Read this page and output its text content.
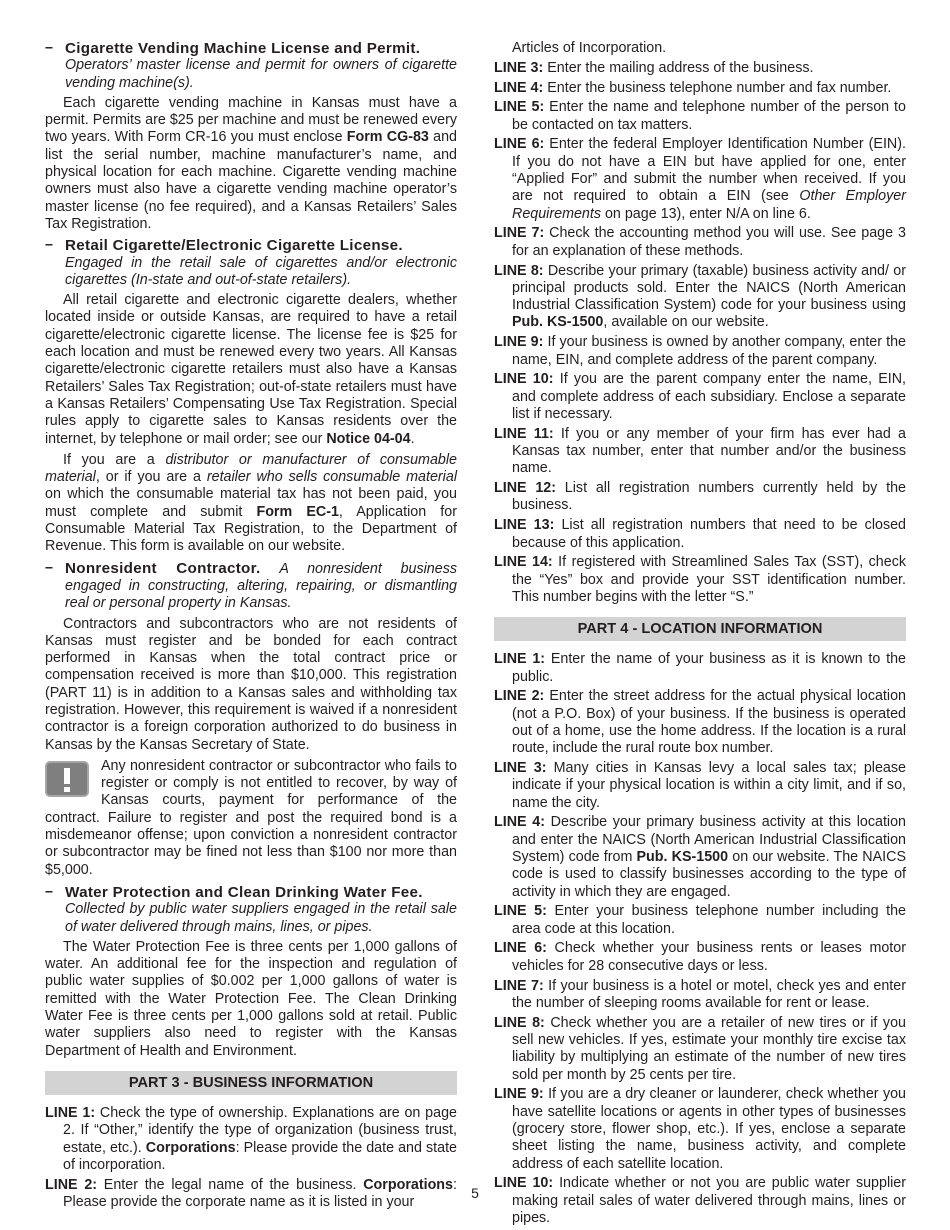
– Cigarette Vending Machine License and Permit.
Operators’ master license and permit for owners of cigarette vending machine(s).

Each cigarette vending machine in Kansas must have a permit. Permits are $25 per machine and must be renewed every two years. With Form CR-16 you must enclose Form CG-83 and list the serial number, machine manufacturer’s name, and physical location for each machine. Cigarette vending machine owners must also have a cigarette vending machine operator’s master license (no fee required), and a Kansas Retailers’ Sales Tax Registration.

– Retail Cigarette/Electronic Cigarette License.
Engaged in the retail sale of cigarettes and/or electronic cigarettes (In-state and out-of-state retailers).

All retail cigarette and electronic cigarette dealers, whether located inside or outside Kansas, are required to have a retail cigarette/electronic cigarette license. The license fee is $25 for each location and must be renewed every two years. All Kansas cigarette/electronic cigarette retailers must also have a Kansas Retailers’ Sales Tax Registration; out-of-state retailers must have a Kansas Retailers’ Compensating Use Tax Registration. Special rules apply to cigarette sales to Kansas residents over the internet, by telephone or mail order; see our Notice 04-04.

If you are a distributor or manufacturer of consumable material, or if you are a retailer who sells consumable material on which the consumable material tax has not been paid, you must complete and submit Form EC-1, Application for Consumable Material Tax Registration, to the Department of Revenue. This form is available on our website.

– Nonresident Contractor. A nonresident business engaged in constructing, altering, repairing, or dismantling real or personal property in Kansas.

Contractors and subcontractors who are not residents of Kansas must register and be bonded for each contract performed in Kansas when the total contract price or compensation received is more than $10,000. This registration (PART 11) is in addition to a Kansas sales and withholding tax registration. However, this requirement is waived if a nonresident contractor is a foreign corporation authorized to do business in Kansas by the Kansas Secretary of State.

Any nonresident contractor or subcontractor who fails to register or comply is not entitled to recover, by way of Kansas courts, payment for performance of the contract. Failure to register and post the required bond is a misdemeanor offense; upon conviction a nonresident contractor or subcontractor may be fined not less than $100 nor more than $5,000.
– Water Protection and Clean Drinking Water Fee.
Collected by public water suppliers engaged in the retail sale of water delivered through mains, lines, or pipes.

The Water Protection Fee is three cents per 1,000 gallons of water. An additional fee for the inspection and regulation of public water supplies of $0.002 per 1,000 gallons of water is remitted with the Water Protection Fee. The Clean Drinking Water Fee is three cents per 1,000 gallons sold at retail. Public water suppliers also need to register with the Kansas Department of Health and Environment.

PART 3 - BUSINESS INFORMATION

LINE 1: Check the type of ownership. Explanations are on page 2. If “Other,” identify the type of organization (business trust, estate, etc.). Corporations: Please provide the date and state of incorporation.

LINE 2: Enter the legal name of the business. Corporations: Please provide the corporate name as it is listed in your

Articles of Incorporation.

LINE 3: Enter the mailing address of the business.

LINE 4: Enter the business telephone number and fax number.

LINE 5: Enter the name and telephone number of the person to be contacted on tax matters.

LINE 6: Enter the federal Employer Identification Number (EIN). If you do not have a EIN but have applied for one, enter “Applied For” and submit the number when received. If you are not required to obtain a EIN (see Other Employer Requirements on page 13), enter N/A on line 6.

LINE 7: Check the accounting method you will use. See page 3 for an explanation of these methods.

LINE 8: Describe your primary (taxable) business activity and/ or principal products sold. Enter the NAICS (North American Industrial Classification System) code for your business using Pub. KS-1500, available on our website.

LINE 9: If your business is owned by another company, enter the name, EIN, and complete address of the parent company.

LINE 10: If you are the parent company enter the name, EIN, and complete address of each subsidiary. Enclose a separate list if necessary.

LINE 11: If you or any member of your firm has ever had a Kansas tax number, enter that number and/or the business name.

LINE 12: List all registration numbers currently held by the business.

LINE 13: List all registration numbers that need to be closed because of this application.

LINE 14: If registered with Streamlined Sales Tax (SST), check the “Yes” box and provide your SST identification number. This number begins with the letter “S.”

PART 4 - LOCATION INFORMATION

LINE 1: Enter the name of your business as it is known to the public.

LINE 2: Enter the street address for the actual physical location (not a P.O. Box) of your business. If the business is operated out of a home, use the home address. If the location is a rural route, include the rural route box number.

LINE 3: Many cities in Kansas levy a local sales tax; please indicate if your physical location is within a city limit, and if so, name the city.

LINE 4: Describe your primary business activity at this location and enter the NAICS (North American Industrial Classification System) code from Pub. KS-1500 on our website. The NAICS code is used to classify businesses according to the type of activity in which they are engaged.

LINE 5: Enter your business telephone number including the area code at this location.

LINE 6: Check whether your business rents or leases motor vehicles for 28 consecutive days or less.

LINE 7: If your business is a hotel or motel, check yes and enter the number of sleeping rooms available for rent or lease.

LINE 8: Check whether you are a retailer of new tires or if you sell new vehicles. If yes, estimate your monthly tire excise tax liability by multiplying an estimate of the number of new tires sold per month by 25 cents per tire.

LINE 9: If you are a dry cleaner or launderer, check whether you have satellite locations or agents in other types of businesses (grocery store, flower shop, etc.). If yes, enclose a separate sheet listing the name, business activity, and complete address of each satellite location.

LINE 10: Indicate whether or not you are public water supplier making retail sales of water delivered through mains, lines or pipes.

5
